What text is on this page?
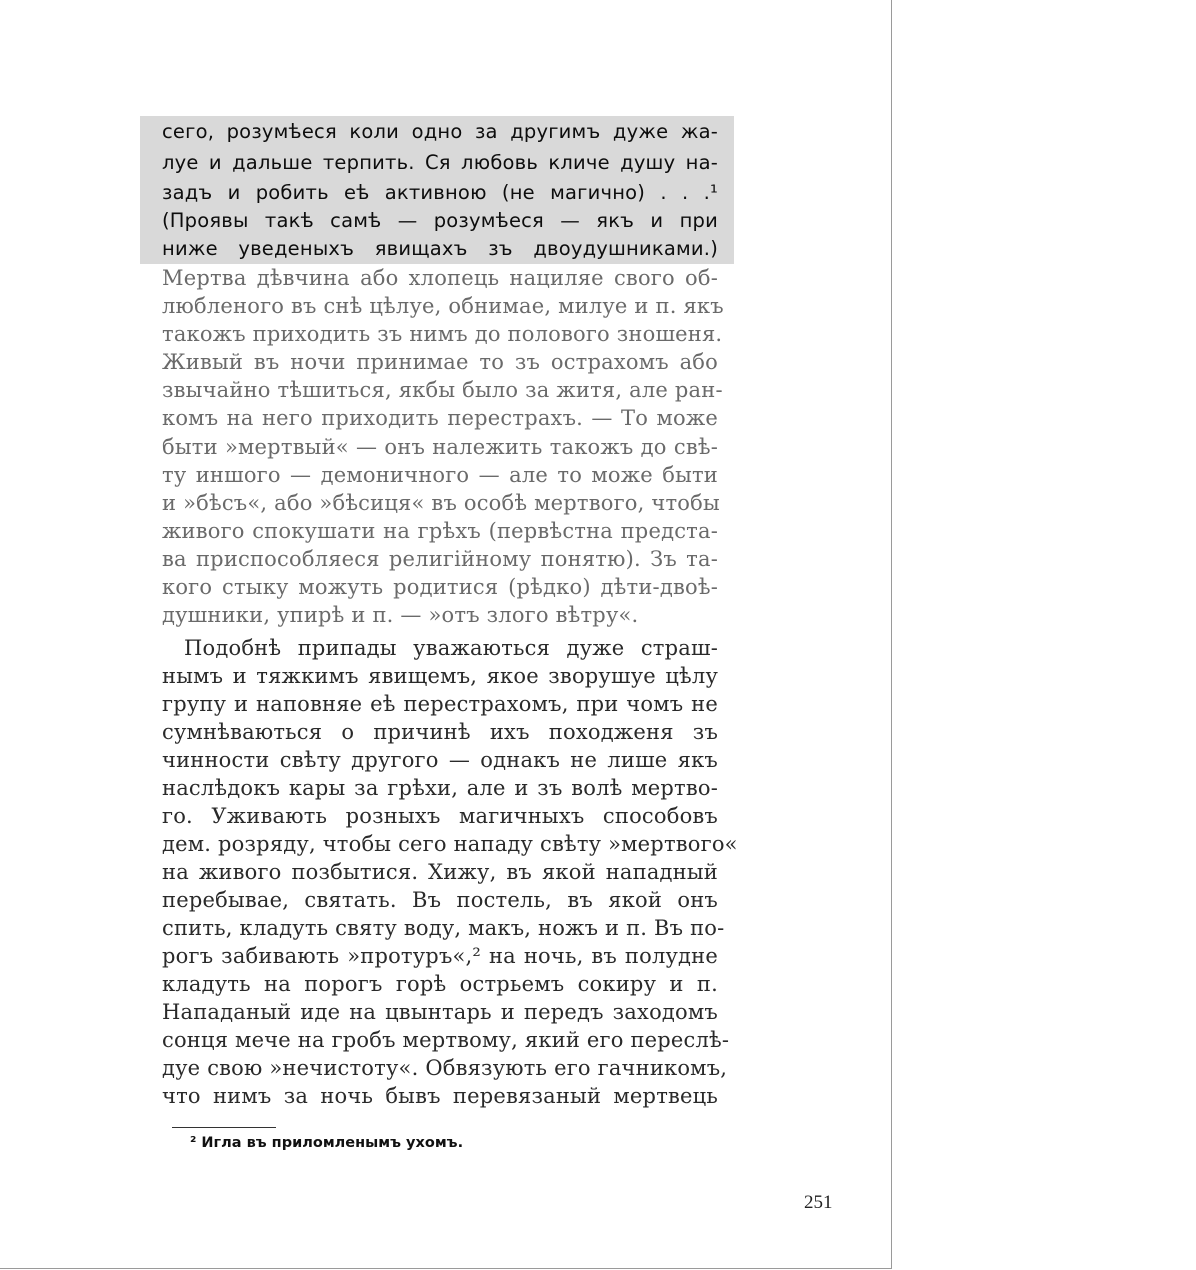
сего, розумѣеся коли одно за другимъ дуже жа-
луе и дальше терпить. Ся любовь кличе душу на-
задъ и робить еѣ активною (не магично) . . .¹
(Проявы такѣ самѣ — розумѣеся — якъ и при
ниже уведеныхъ явищахъ зъ двоудушниками.)
Мертва дѣвчина або хлопець нациляе свого об-
любленого въ снѣ цѣлуе, обнимае, милуе и п. якъ
такожъ приходить зъ нимъ до полового зношеня.
Живый въ ночи принимае то зъ острахомъ або
звычайно тѣшиться, якбы было за житя, але ран-
комъ на него приходить перестрахъ. — То може
быти »мертвый« — онъ належить такожъ до свѣ-
ту иншого — демоничного — але то може быти
и »бѣсъ«, або »бѣсиця« въ особѣ мертвого, чтобы
живого спокушати на грѣхъ (первѣстна предста-
ва приспособляеся религійному понятю). Зъ та-
кого стыку можуть родитися (рѣдко) дѣти-двоѣ-
душники, упирѣ и п. — »отъ злого вѣтру«.
Подобнѣ припады уважаються дуже страш-
нымъ и тяжкимъ явищемъ, якое зворушуе цѣлу
групу и наповняе еѣ перестрахомъ, при чомъ не
сумнѣваються о причинѣ ихъ походженя зъ
чинности свѣту другого — однакъ не лише якъ
наслѣдокъ кары за грѣхи, але и зъ волѣ мертво-
го. Уживають розныхъ магичныхъ способовъ
дем. розряду, чтобы сего нападу свѣту »мертвого«
на живого позбытися. Хижу, въ якой нападный
перебывае, святать. Въ постель, въ якой онъ
спить, кладуть святу воду, макъ, ножъ и п. Въ по-
рогъ забивають »протуръ«,² на ночь, въ полудне
кладуть на порогъ горѣ острьемъ сокиру и п.
Нападаный иде на цвынтарь и передъ заходомъ
сонця мече на гробъ мертвому, який его переслѣ-
дуе свою »нечистоту«. Обвязують его гачникомъ,
что нимъ за ночь бывъ перевязаный мертвець
² Игла въ приломленымъ ухомъ.
251
